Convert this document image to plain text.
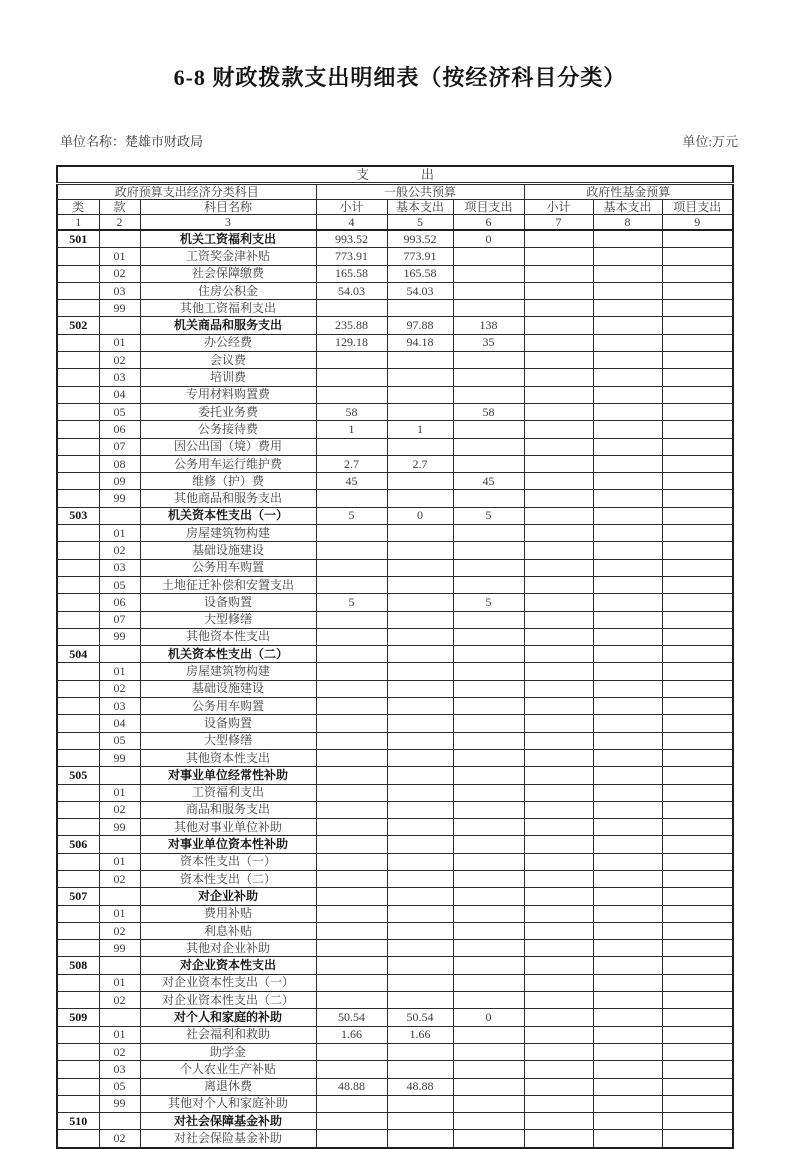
6-8 财政拨款支出明细表（按经济科目分类）
单位名称：楚雄市财政局	单位:万元
支　　　　出								
政府预算支出经济分类科目			一般公共预算			政府性基金预算		
类	款	科目名称	小计	基本支出	项目支出	小计	基本支出	项目支出
1	2	3	4	5	6	7	8	9
501		机关工资福利支出	993.52	993.52	0			
	01	工资奖金津补贴	773.91	773.91				
	02	社会保障缴费	165.58	165.58				
	03	住房公积金	54.03	54.03				
	99	其他工资福利支出						
502		机关商品和服务支出	235.88	97.88	138			
	01	办公经费	129.18	94.18	35			
	02	会议费						
	03	培训费						
	04	专用材料购置费						
	05	委托业务费	58		58			
	06	公务接待费	1	1				
	07	因公出国（境）费用						
	08	公务用车运行维护费	2.7	2.7				
	09	维修（护）费	45		45			
	99	其他商品和服务支出						
503		机关资本性支出（一）	5	0	5			
	01	房屋建筑物构建						
	02	基础设施建设						
	03	公务用车购置						
	05	土地征迁补偿和安置支出						
	06	设备购置	5		5			
	07	大型修缮						
	99	其他资本性支出						
504		机关资本性支出（二）						
	01	房屋建筑物构建						
	02	基础设施建设						
	03	公务用车购置						
	04	设备购置						
	05	大型修缮						
	99	其他资本性支出						
505		对事业单位经常性补助						
	01	工资福利支出						
	02	商品和服务支出						
	99	其他对事业单位补助						
506		对事业单位资本性补助						
	01	资本性支出（一）						
	02	资本性支出（二）						
507		对企业补助						
	01	费用补贴						
	02	利息补贴						
	99	其他对企业补助						
508		对企业资本性支出						
	01	对企业资本性支出（一）						
	02	对企业资本性支出（二）						
509		对个人和家庭的补助	50.54	50.54	0			
	01	社会福利和救助	1.66	1.66				
	02	助学金						
	03	个人农业生产补贴						
	05	离退休费	48.88	48.88				
	99	其他对个人和家庭补助						
510		对社会保障基金补助						
	02	对社会保险基金补助						
